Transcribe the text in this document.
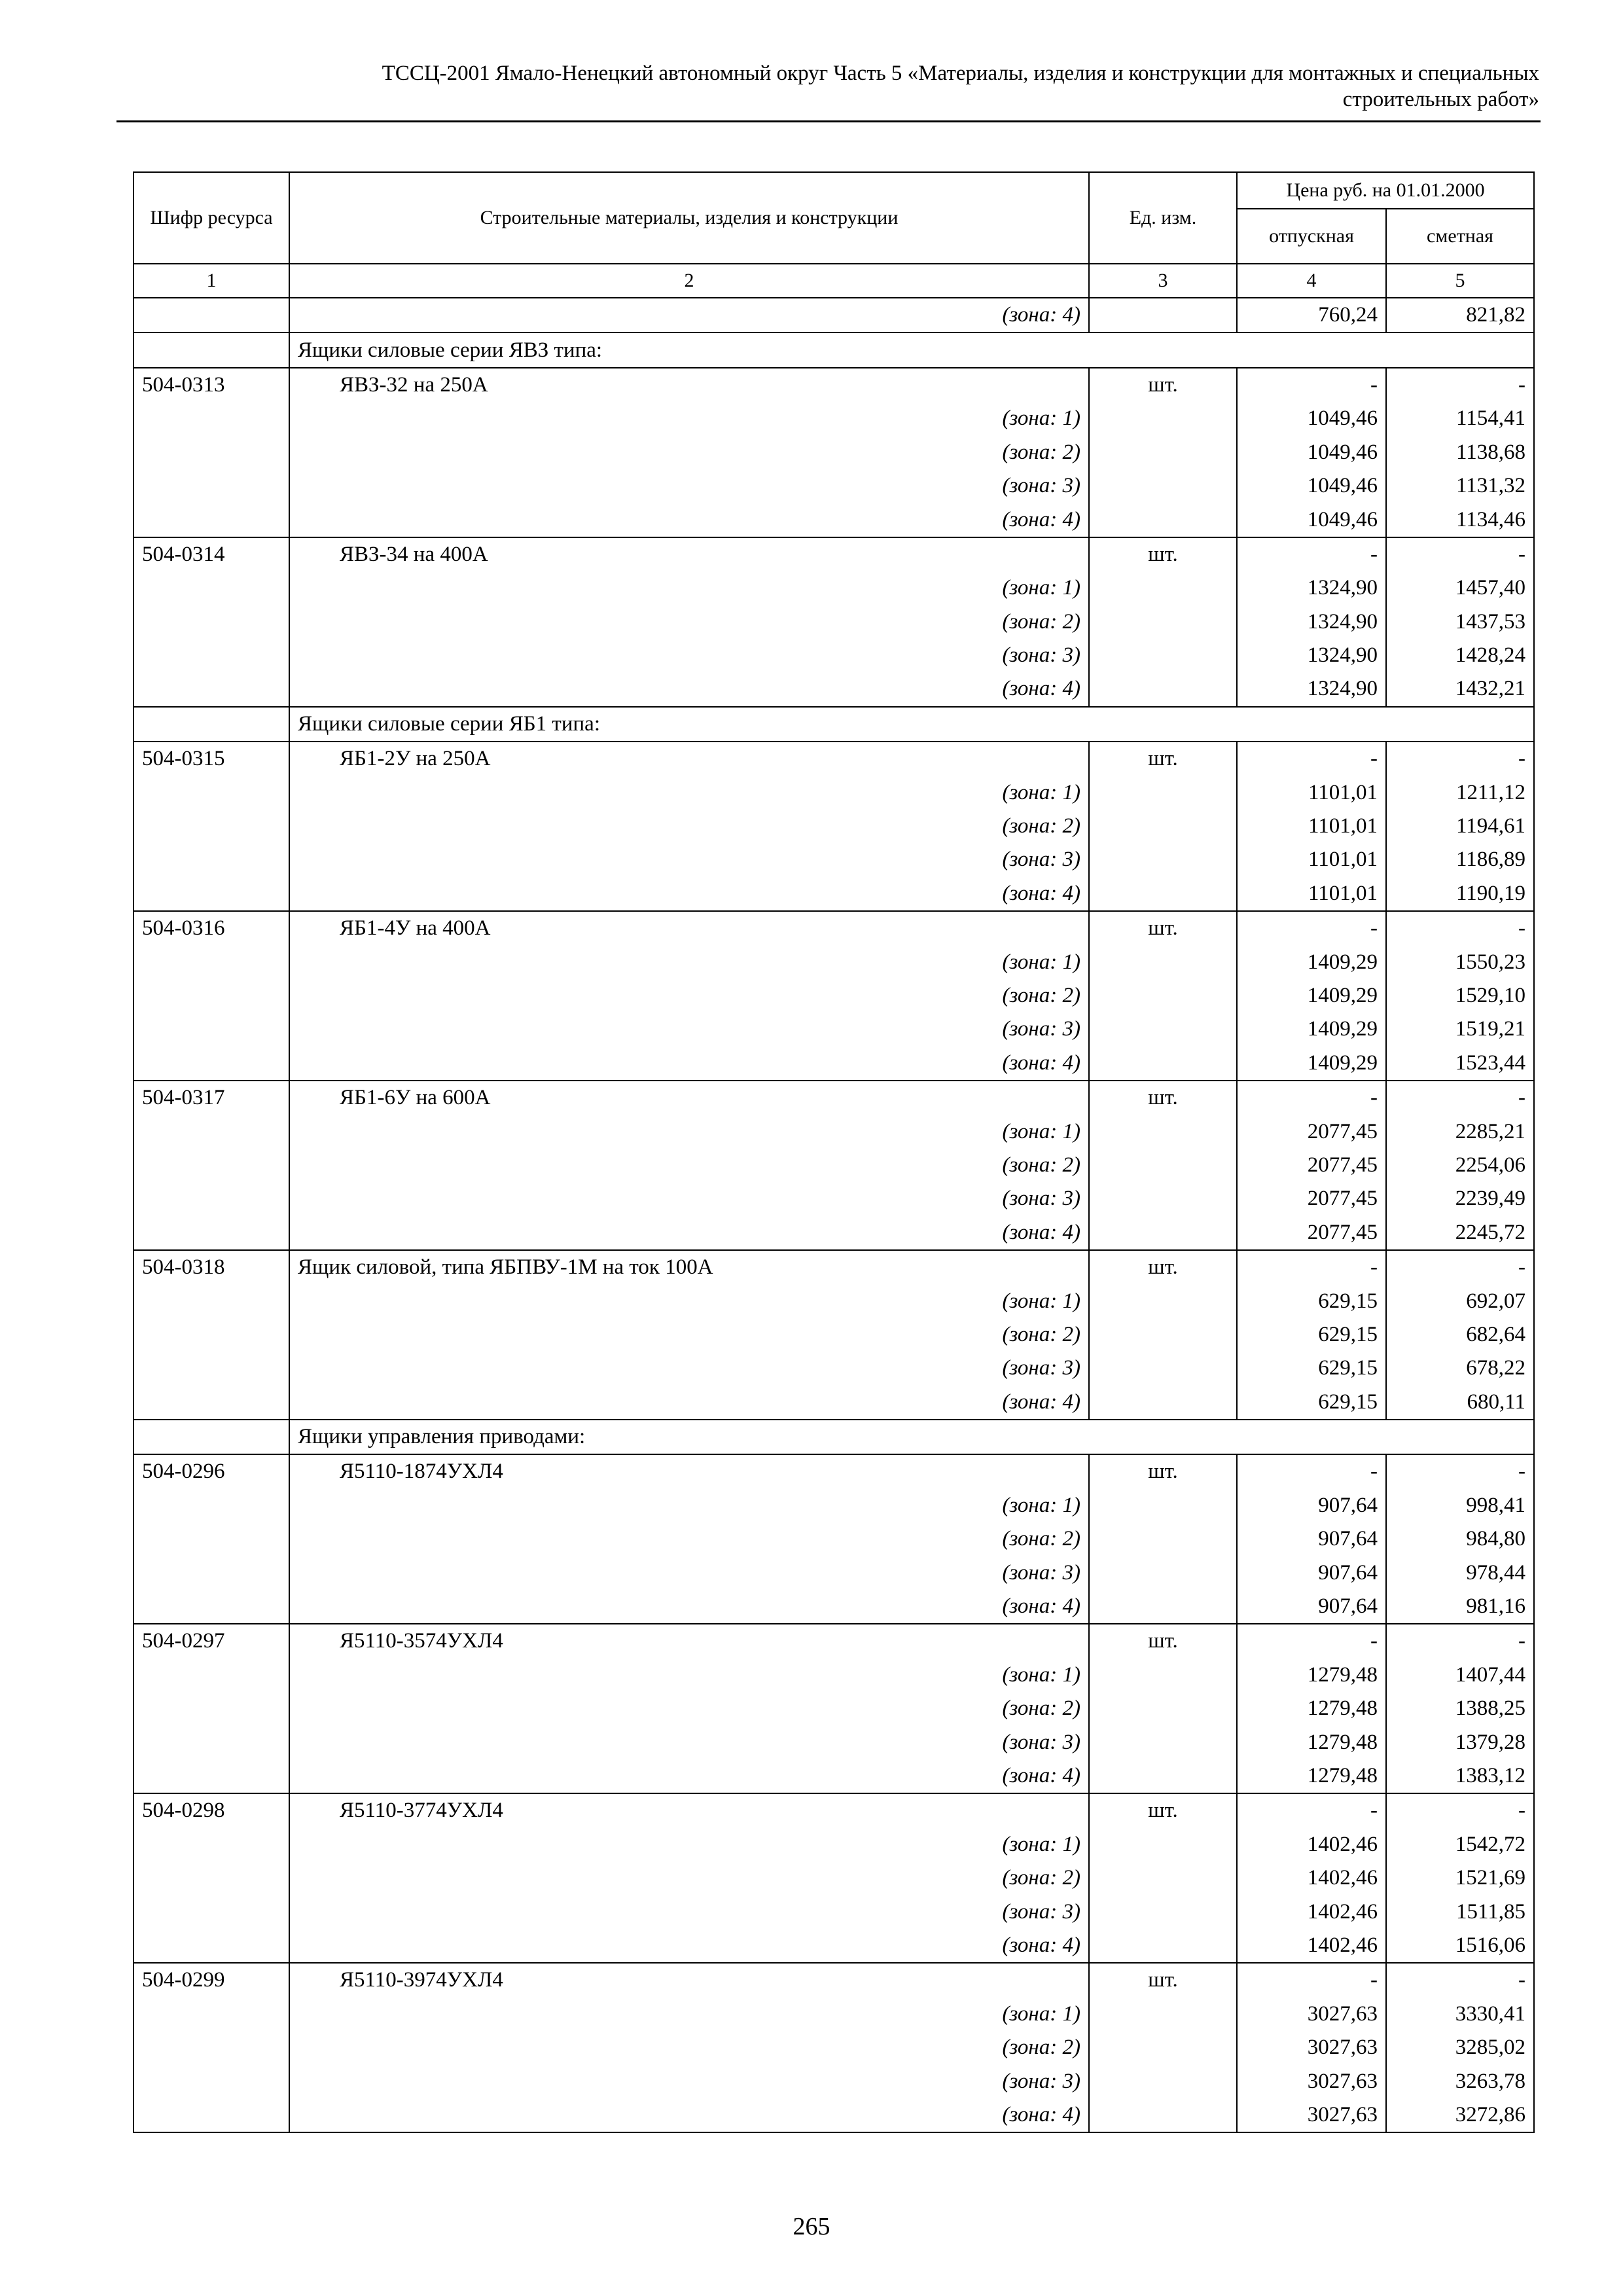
ТССЦ-2001 Ямало-Ненецкий автономный округ Часть 5 «Материалы, изделия и конструкции для монтажных и специальных
строительных работ»
Шифр ресурса	Строительные материалы, изделия и конструкции	Ед. изм.	Цена руб. на 01.01.2000	
			отпускная	сметная
1	2	3	4	5
	(зона: 4)		760,24	821,82
	Ящики силовые серии ЯВЗ типа:			
504-0313	ЯВЗ-32 на 250А	шт.	-	-
	(зона: 1)		1049,46	1154,41
	(зона: 2)		1049,46	1138,68
	(зона: 3)		1049,46	1131,32
	(зона: 4)		1049,46	1134,46
504-0314	ЯВЗ-34 на 400А	шт.	-	-
	(зона: 1)		1324,90	1457,40
	(зона: 2)		1324,90	1437,53
	(зона: 3)		1324,90	1428,24
	(зона: 4)		1324,90	1432,21
	Ящики силовые серии ЯБ1 типа:			
504-0315	ЯБ1-2У на 250А	шт.	-	-
	(зона: 1)		1101,01	1211,12
	(зона: 2)		1101,01	1194,61
	(зона: 3)		1101,01	1186,89
	(зона: 4)		1101,01	1190,19
504-0316	ЯБ1-4У на 400А	шт.	-	-
	(зона: 1)		1409,29	1550,23
	(зона: 2)		1409,29	1529,10
	(зона: 3)		1409,29	1519,21
	(зона: 4)		1409,29	1523,44
504-0317	ЯБ1-6У на 600А	шт.	-	-
	(зона: 1)		2077,45	2285,21
	(зона: 2)		2077,45	2254,06
	(зона: 3)		2077,45	2239,49
	(зона: 4)		2077,45	2245,72
504-0318	Ящик силовой, типа ЯБПВУ-1М на ток 100А	шт.	-	-
	(зона: 1)		629,15	692,07
	(зона: 2)		629,15	682,64
	(зона: 3)		629,15	678,22
	(зона: 4)		629,15	680,11
	Ящики управления приводами:			
504-0296	Я5110-1874УХЛ4	шт.	-	-
	(зона: 1)		907,64	998,41
	(зона: 2)		907,64	984,80
	(зона: 3)		907,64	978,44
	(зона: 4)		907,64	981,16
504-0297	Я5110-3574УХЛ4	шт.	-	-
	(зона: 1)		1279,48	1407,44
	(зона: 2)		1279,48	1388,25
	(зона: 3)		1279,48	1379,28
	(зона: 4)		1279,48	1383,12
504-0298	Я5110-3774УХЛ4	шт.	-	-
	(зона: 1)		1402,46	1542,72
	(зона: 2)		1402,46	1521,69
	(зона: 3)		1402,46	1511,85
	(зона: 4)		1402,46	1516,06
504-0299	Я5110-3974УХЛ4	шт.	-	-
	(зона: 1)		3027,63	3330,41
	(зона: 2)		3027,63	3285,02
	(зона: 3)		3027,63	3263,78
	(зона: 4)		3027,63	3272,86
265
